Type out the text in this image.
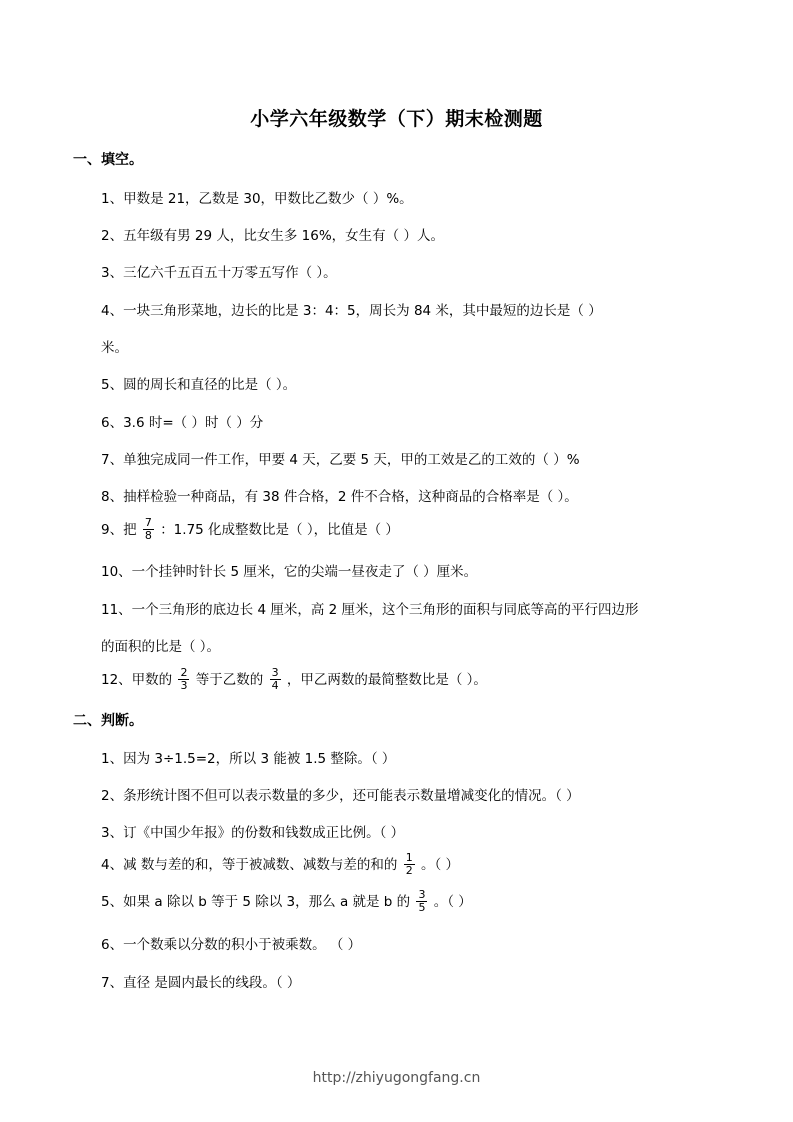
小学六年级数学（下）期末检测题
一、填空。
1、甲数是 21，乙数是 30，甲数比乙数少（ ）%。
2、五年级有男 29 人，比女生多 16%，女生有（ ）人。
3、三亿六千五百五十万零五写作（ ）。
4、一块三角形菜地，边长的比是 3：4：5，周长为 84 米，其中最短的边长是（ ）
米。
5、圆的周长和直径的比是（ ）。
6、3.6 时=（ ）时（ ）分
7、单独完成同一件工作，甲要 4 天，乙要 5 天，甲的工效是乙的工效的（ ）%
8、抽样检验一种商品，有 38 件合格，2 件不合格，这种商品的合格率是（ ）。
9、把 $\frac{7}{8}$ ：1.75 化成整数比是（ ），比值是（ ）
10、一个挂钟时针长 5 厘米，它的尖端一昼夜走了（ ）厘米。
11、一个三角形的底边长 4 厘米，高 2 厘米，这个三角形的面积与同底等高的平行四边形
的面积的比是（ ）。
12、甲数的 $\frac{2}{3}$ 等于乙数的 $\frac{3}{4}$ ，甲乙两数的最简整数比是（ ）。
二、判断。
1、因为 3÷1.5=2，所以 3 能被 1.5 整除。（ ）
2、条形统计图不但可以表示数量的多少，还可能表示数量增减变化的情况。（ ）
3、订《中国少年报》的份数和钱数成正比例。（ ）
4、减 数与差的和，等于被减数、减数与差的和的 $\frac{1}{2}$ 。（ ）
5、如果 a 除以 b 等于 5 除以 3，那么 a 就是 b 的 $\frac{3}{5}$ 。（ ）
6、一个数乘以分数的积小于被乘数。 （ ）
7、直径 是圆内最长的线段。（ ）
http://zhiyugongfang.cn
